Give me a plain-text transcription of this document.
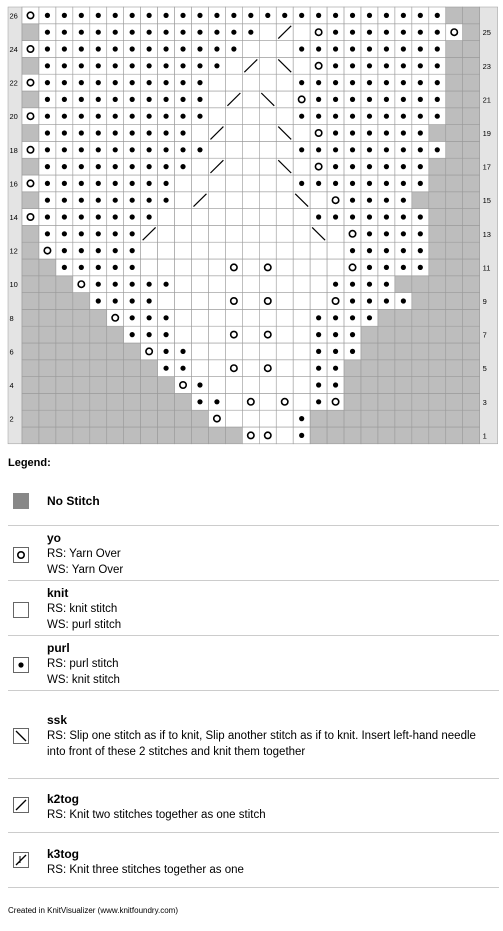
1
2
3
4
5
6
7
8
9
10
11
12
13
14
15
16
17
18
19
20
21
22
23
24
25
26
Legend:
No Stitch
yo
RS: Yarn Over
WS: Yarn Over
knit
RS: knit stitch
WS: purl stitch
purl
RS: purl stitch
WS: knit stitch
ssk
RS: Slip one stitch as if to knit, Slip another stitch as if to knit. Insert left-hand needle into front of these 2 stitches and knit them together
k2tog
RS: Knit two stitches together as one stitch
k3tog
RS: Knit three stitches together as one
Created in KnitVisualizer (www.knitfoundry.com)
